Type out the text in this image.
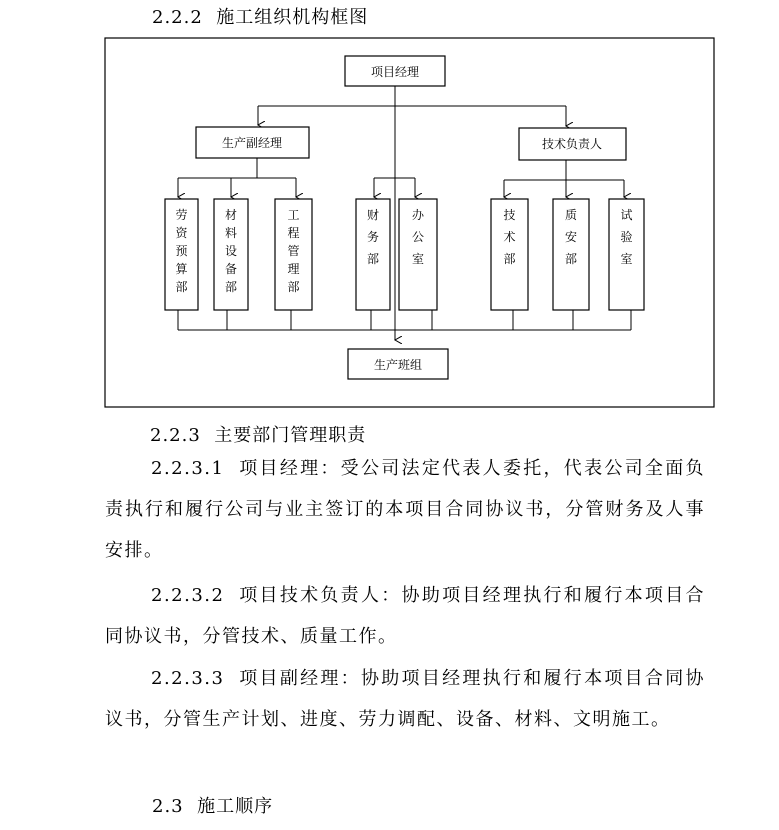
2.2.2 施工组织机构框图
项目经理
生产副经理	技术负责人
劳资预算部
材料设备部
工程管理部
财务部
办公室
技术部
质安部
试验室
生产班组
2.2.3 主要部门管理职责

2.2.3.1 项目经理：受公司法定代表人委托，代表公司全面负责执行和履行公司与业主签订的本项目合同协议书，分管财务及人事安排。

2.2.3.2 项目技术负责人：协助项目经理执行和履行本项目合同协议书，分管技术、质量工作。

2.2.3.3 项目副经理：协助项目经理执行和履行本项目合同协议书，分管生产计划、进度、劳力调配、设备、材料、文明施工。

2.3 施工顺序
